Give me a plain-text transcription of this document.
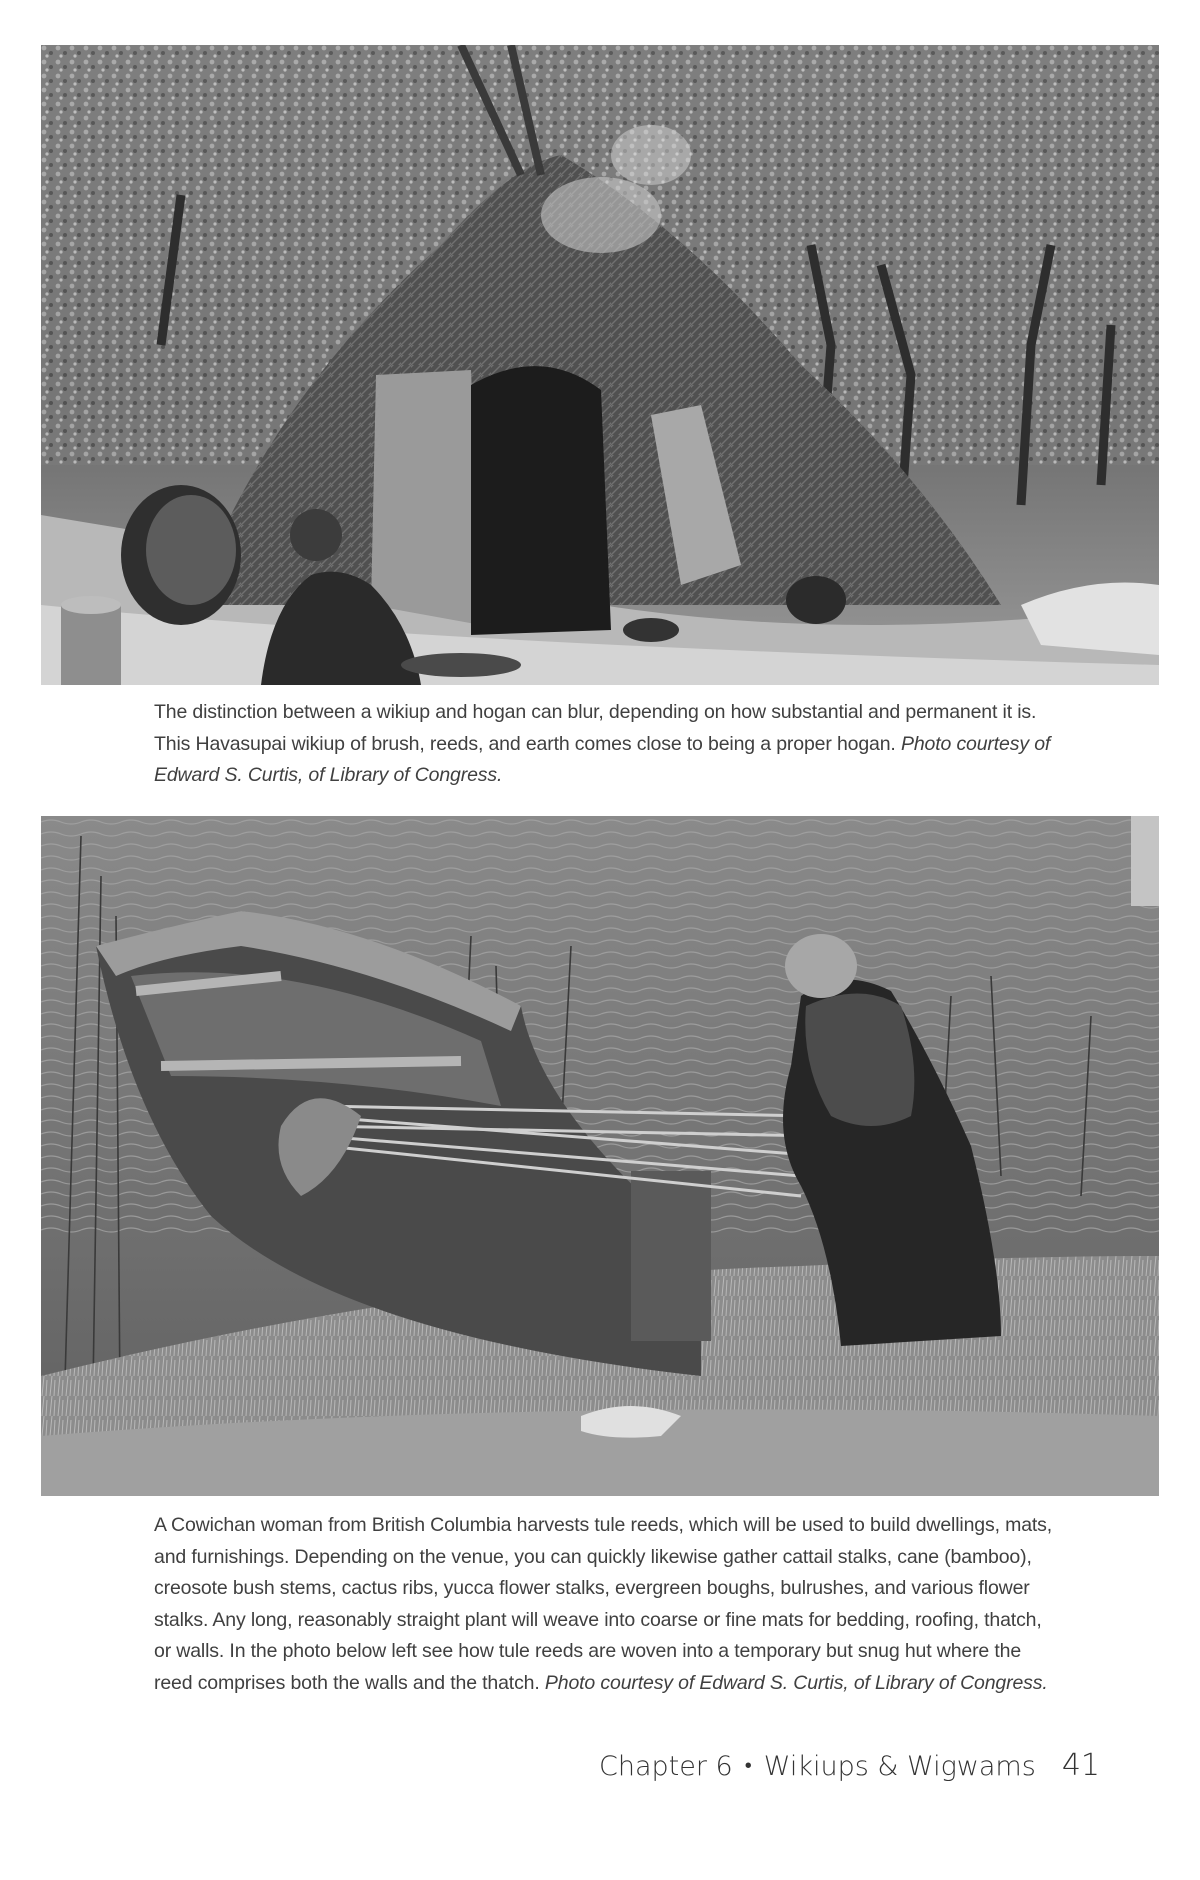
The distinction between a wikiup and hogan can blur, depending on how substantial and permanent it is. This Havasupai wikiup of brush, reeds, and earth comes close to being a proper hogan. Photo courtesy of Edward S. Curtis, of Library of Congress.
A Cowichan woman from British Columbia harvests tule reeds, which will be used to build dwellings, mats, and furnishings. Depending on the venue, you can quickly likewise gather cattail stalks, cane (bamboo), creosote bush stems, cactus ribs, yucca flower stalks, evergreen boughs, bulrushes, and various flower stalks. Any long, reasonably straight plant will weave into coarse or fine mats for bedding, roofing, thatch, or walls. In the photo below left see how tule reeds are woven into a temporary but snug hut where the reed comprises both the walls and the thatch. Photo courtesy of Edward S. Curtis, of Library of Congress.
Chapter 6 • Wikiups & Wigwams 41
